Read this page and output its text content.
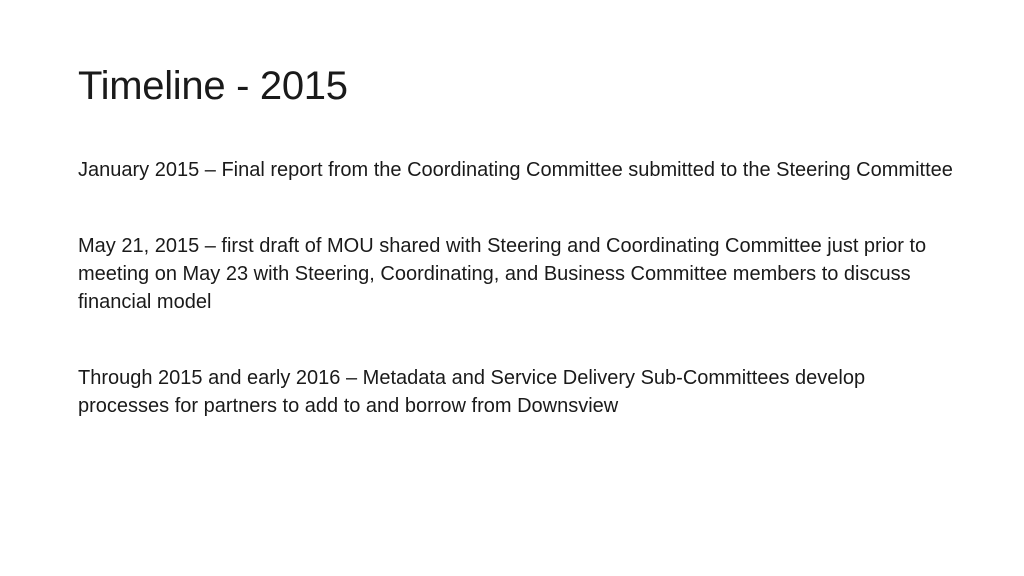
Timeline - 2015
January 2015 – Final report from the Coordinating Committee submitted to the Steering Committee
May 21, 2015 – first draft of MOU shared with Steering and Coordinating Committee just prior to meeting on May 23 with Steering, Coordinating, and Business Committee members to discuss financial model
Through 2015 and early 2016 – Metadata and Service Delivery Sub-Committees develop processes for partners to add to and borrow from Downsview
